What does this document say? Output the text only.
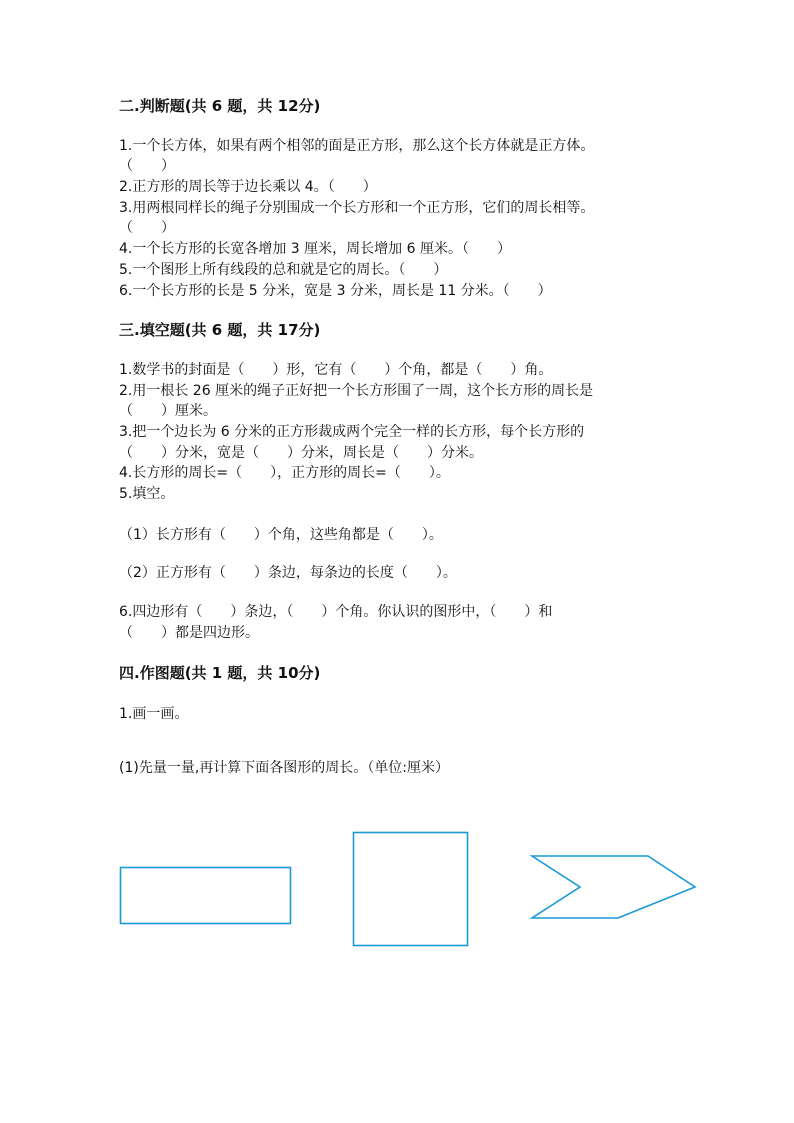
二.判断题(共 6 题，共 12分)
1.一个长方体，如果有两个相邻的面是正方形，那么这个长方体就是正方体。
（　　）
2.正方形的周长等于边长乘以 4。（　　）
3.用两根同样长的绳子分别围成一个长方形和一个正方形，它们的周长相等。
（　　）
4.一个长方形的长宽各增加 3 厘米，周长增加 6 厘米。（　　）
5.一个图形上所有线段的总和就是它的周长。（　　）
6.一个长方形的长是 5 分米，宽是 3 分米，周长是 11 分米。（　　）
三.填空题(共 6 题，共 17分)
1.数学书的封面是（　　）形，它有（　　）个角，都是（　　）角。
2.用一根长 26 厘米的绳子正好把一个长方形围了一周，这个长方形的周长是
（　　）厘米。
3.把一个边长为 6 分米的正方形裁成两个完全一样的长方形，每个长方形的
（　　）分米，宽是（　　）分米，周长是（　　）分米。
4.长方形的周长=（　　），正方形的周长=（　　）。
5.填空。
（1）长方形有（　　）个角，这些角都是（　　）。
（2）正方形有（　　）条边，每条边的长度（　　）。
6.四边形有（　　）条边，（　　）个角。你认识的图形中，（　　）和
（　　）都是四边形。
四.作图题(共 1 题，共 10分)
1.画一画。
(1)先量一量,再计算下面各图形的周长。（单位:厘米）
